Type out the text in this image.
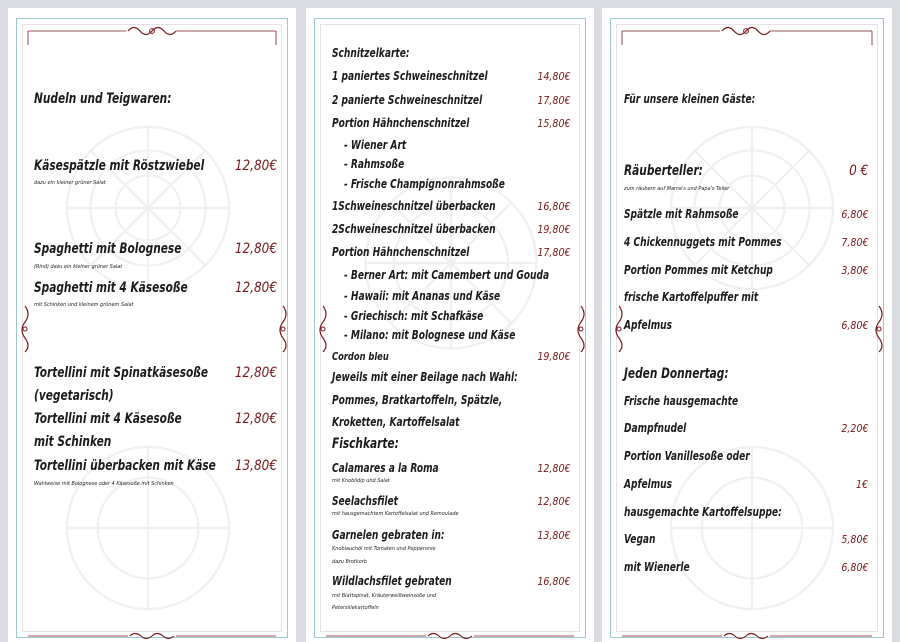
Nudeln und Teigwaren:
Käsespätzle mit Röstzwiebel 12,80€
dazu ein kleiner grüner Salat
Spaghetti mit Bolognese	12,80€
(Rind) dazu ein kleiner grüner Salat
Spaghetti mit 4 Käsesoße	12,80€
mit Schinken und kleinem grünem Salat
Tortellini mit Spinatkäsesoße 12,80€
(vegetarisch)
Tortellini mit 4 Käsesoße	12,80€
mit Schinken
Tortellini überbacken mit Käse 13,80€
Wahlweise mit Bolognese oder 4 Käsesoße mit Schinken
Schnitzelkarte:
1 paniertes Schweineschnitzel	14,80€
2 panierte Schweineschnitzel	17,80€
Portion Hähnchenschnitzel	15,80€
- Wiener Art
- Rahmsoße
- Frische Champignonrahmsoße
1Schweineschnitzel überbacken	16,80€
2Schweineschnitzel überbacken	19,80€
Portion Hähnchenschnitzel	17,80€
- Berner Art: mit Camembert und Gouda
- Hawaii: mit Ananas und Käse
- Griechisch: mit Schafkäse
- Milano: mit Bolognese und Käse
Cordon bleu	19,80€
Jeweils mit einer Beilage nach Wahl:
Pommes, Bratkartoffeln, Spätzle,
Kroketten, Kartoffelsalat
Fischkarte:
Calamares a la Roma	12,80€
mit Knoblidip und Salat
Seelachsfilet	12,80€
mit hausgemachtem Kartoffelsalat und Remoulade
Garnelen gebraten in:	13,80€
Knoblauchöl mit Tomaten und Pepperonie
dazu Brotkorb
Wildlachsfilet gebraten	16,80€
mit Blattspinat, Kräuterweißweinsoße und
Petersiliekartoffeln
Für unsere kleinen Gäste:
Räuberteller:	0 €
zum räubern auf Mama's und Papa's Teller
Spätzle mit Rahmsoße	6,80€
4 Chickennuggets mit Pommes	7,80€
Portion Pommes mit Ketchup	3,80€
frische Kartoffelpuffer mit
Apfelmus	6,80€
Jeden Donnertag:
Frische hausgemachte
Dampfnudel	2,20€
Portion Vanillesoße oder
Apfelmus	1€
hausgemachte Kartoffelsuppe:
Vegan	5,80€
mit Wienerle	6,80€
